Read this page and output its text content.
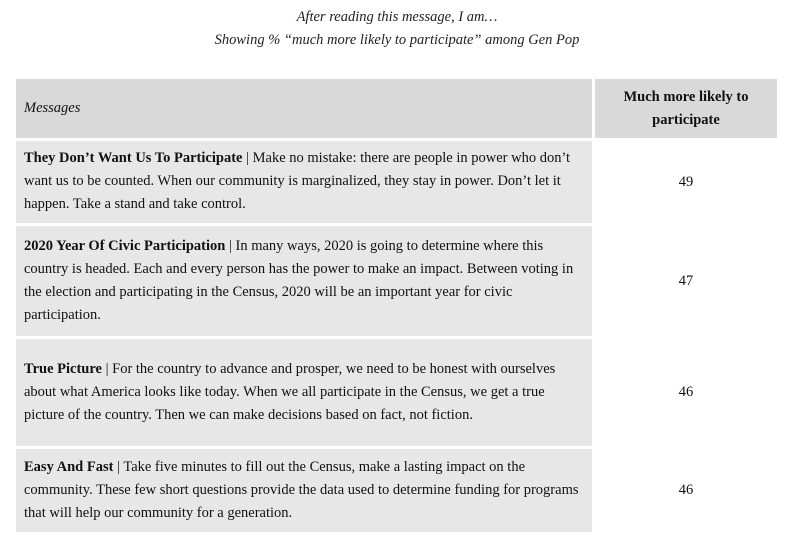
After reading this message, I am…
Showing % “much more likely to participate” among Gen Pop
Messages	Much more likely to participate
They Don’t Want Us To Participate | Make no mistake: there are people in power who don’t want us to be counted. When our community is marginalized, they stay in power. Don’t let it happen. Take a stand and take control.	49
2020 Year Of Civic Participation | In many ways, 2020 is going to determine where this country is headed. Each and every person has the power to make an impact. Between voting in the election and participating in the Census, 2020 will be an important year for civic participation.	47
True Picture | For the country to advance and prosper, we need to be honest with ourselves about what America looks like today. When we all participate in the Census, we get a true picture of the country. Then we can make decisions based on fact, not fiction.	46
Easy And Fast | Take five minutes to fill out the Census, make a lasting impact on the community. These few short questions provide the data used to determine funding for programs that will help our community for a generation.	46
